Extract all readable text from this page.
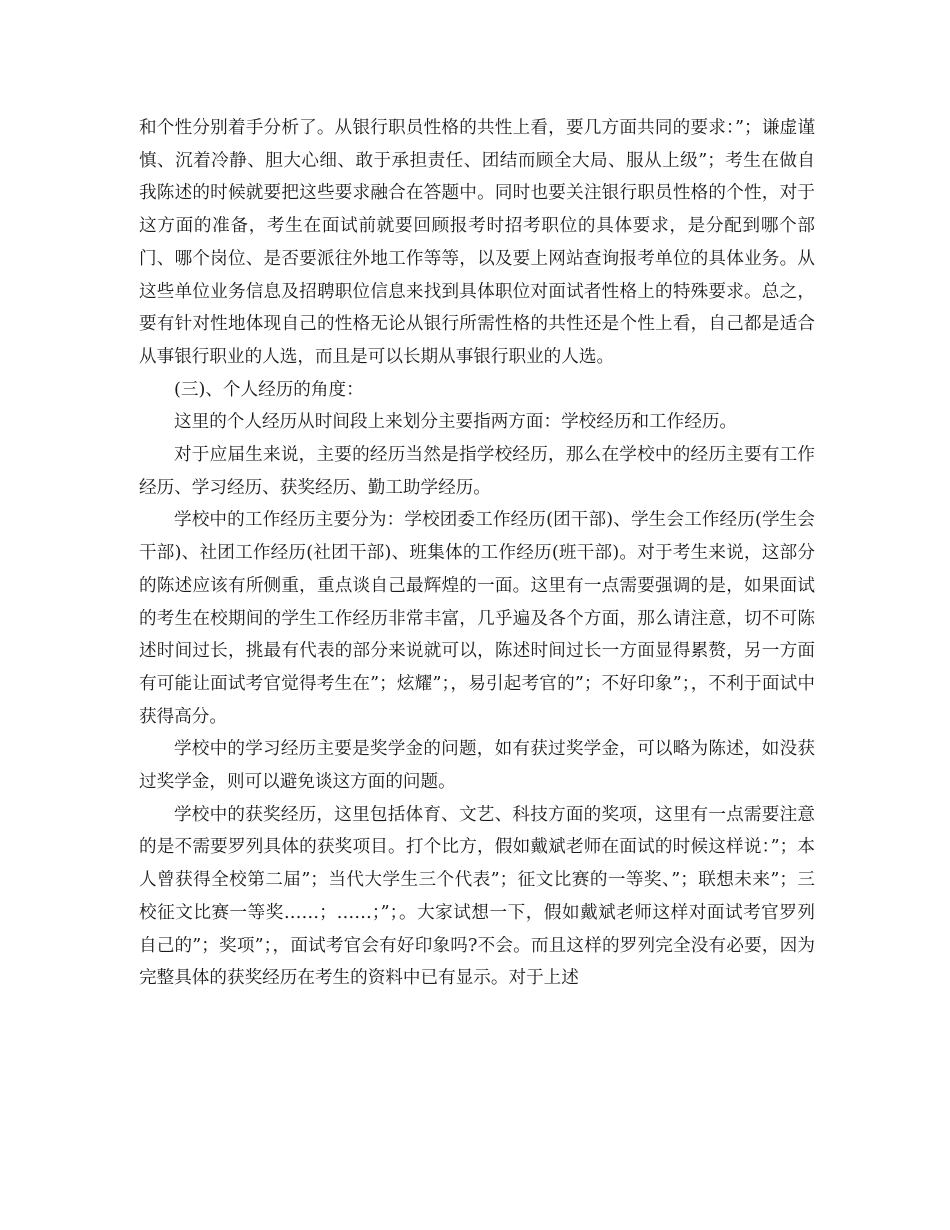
和个性分别着手分析了。从银行职员性格的共性上看，要几方面共同的要求：”；谦虚谨慎、沉着冷静、胆大心细、敢于承担责任、团结而顾全大局、服从上级”；考生在做自我陈述的时候就要把这些要求融合在答题中。同时也要关注银行职员性格的个性，对于这方面的准备，考生在面试前就要回顾报考时招考职位的具体要求，是分配到哪个部门、哪个岗位、是否要派往外地工作等等，以及要上网站查询报考单位的具体业务。从这些单位业务信息及招聘职位信息来找到具体职位对面试者性格上的特殊要求。总之，要有针对性地体现自己的性格无论从银行所需性格的共性还是个性上看，自己都是适合从事银行职业的人选，而且是可以长期从事银行职业的人选。

(三)、个人经历的角度：

这里的个人经历从时间段上来划分主要指两方面：学校经历和工作经历。

对于应届生来说，主要的经历当然是指学校经历，那么在学校中的经历主要有工作经历、学习经历、获奖经历、勤工助学经历。

学校中的工作经历主要分为：学校团委工作经历(团干部)、学生会工作经历(学生会干部)、社团工作经历(社团干部)、班集体的工作经历(班干部)。对于考生来说，这部分的陈述应该有所侧重，重点谈自己最辉煌的一面。这里有一点需要强调的是，如果面试的考生在校期间的学生工作经历非常丰富，几乎遍及各个方面，那么请注意，切不可陈述时间过长，挑最有代表的部分来说就可以，陈述时间过长一方面显得累赘，另一方面有可能让面试考官觉得考生在”；炫耀”；，易引起考官的”；不好印象”；，不利于面试中获得高分。

学校中的学习经历主要是奖学金的问题，如有获过奖学金，可以略为陈述，如没获过奖学金，则可以避免谈这方面的问题。

学校中的获奖经历，这里包括体育、文艺、科技方面的奖项，这里有一点需要注意的是不需要罗列具体的获奖项目。打个比方，假如戴斌老师在面试的时候这样说：”；本人曾获得全校第二届”；当代大学生三个代表”；征文比赛的一等奖、”；联想未来”；三校征文比赛一等奖……；……；”；。大家试想一下，假如戴斌老师这样对面试考官罗列自己的”；奖项”；，面试考官会有好印象吗?不会。而且这样的罗列完全没有必要，因为完整具体的获奖经历在考生的资料中已有显示。对于上述
